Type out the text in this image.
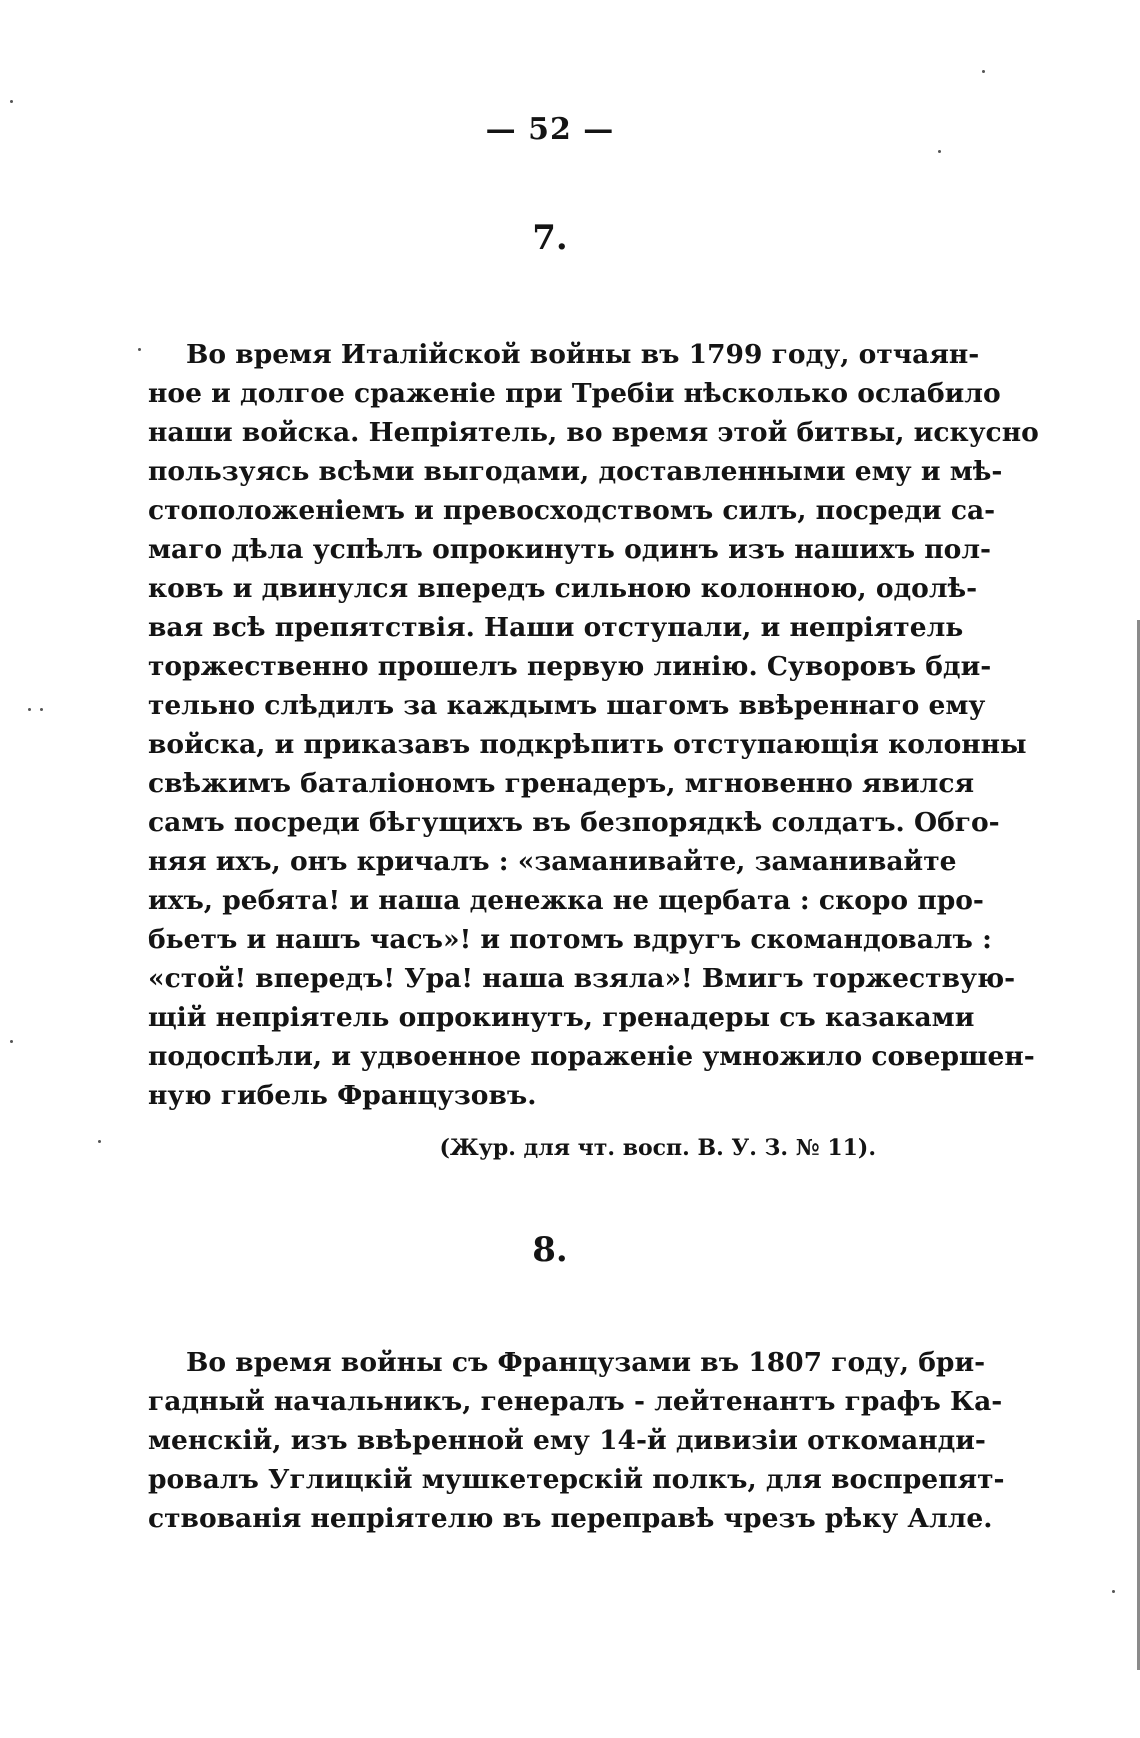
— 52 —
7.
Во время Италійской войны въ 1799 году, отчаян-
ное и долгое сраженіе при Требіи нѣсколько ослабило
наши войска. Непріятель, во время этой битвы, искусно
пользуясь всѣми выгодами, доставленными ему и мѣ-
стоположеніемъ и превосходствомъ силъ, посреди са-
маго дѣла успѣлъ опрокинуть одинъ изъ нашихъ пол-
ковъ и двинулся впередъ сильною колонною, одолѣ-
вая всѣ препятствія. Наши отступали, и непріятель
торжественно прошелъ первую линію. Суворовъ бди-
тельно слѣдилъ за каждымъ шагомъ ввѣреннаго ему
войска, и приказавъ подкрѣпить отступающія колонны
свѣжимъ баталіономъ гренадеръ, мгновенно явился
самъ посреди бѣгущихъ въ безпорядкѣ солдатъ. Обго-
няя ихъ, онъ кричалъ : «заманивайте, заманивайте
ихъ, ребята! и наша денежка не щербата : скоро про-
бьетъ и нашъ часъ»! и потомъ вдругъ скомандовалъ :
«стой! впередъ! Ура! наша взяла»! Вмигъ торжествую-
щій непріятель опрокинутъ, гренадеры съ казаками
подоспѣли, и удвоенное пораженіе умножило совершен-
ную гибель Французовъ.
(Жур. для чт. восп. В. У. З. № 11).
8.
Во время войны съ Французами въ 1807 году, бри-
гадный начальникъ, генералъ - лейтенантъ графъ Ка-
менскій, изъ ввѣренной ему 14-й дивизіи откоманди-
ровалъ Углицкій мушкетерскій полкъ, для воспрепят-
ствованія непріятелю въ переправѣ чрезъ рѣку Алле.
